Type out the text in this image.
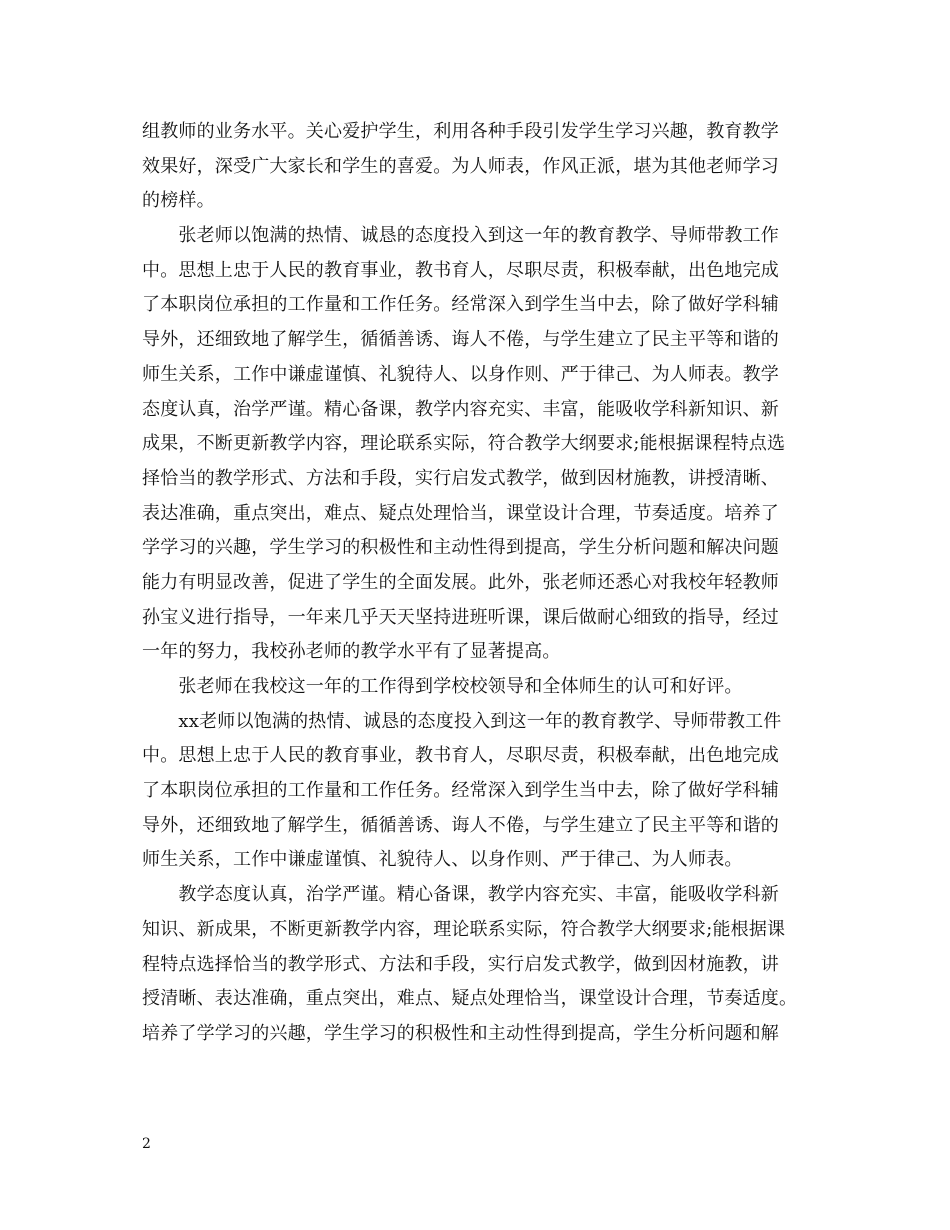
组教师的业务水平。关心爱护学生，利用各种手段引发学生学习兴趣，教育教学
效果好，深受广大家长和学生的喜爱。为人师表，作风正派，堪为其他老师学习
的榜样。
　　张老师以饱满的热情、诚恳的态度投入到这一年的教育教学、导师带教工作
中。思想上忠于人民的教育事业，教书育人，尽职尽责，积极奉献，出色地完成
了本职岗位承担的工作量和工作任务。经常深入到学生当中去，除了做好学科辅
导外，还细致地了解学生，循循善诱、诲人不倦，与学生建立了民主平等和谐的
师生关系，工作中谦虚谨慎、礼貌待人、以身作则、严于律己、为人师表。教学
态度认真，治学严谨。精心备课，教学内容充实、丰富，能吸收学科新知识、新
成果，不断更新教学内容，理论联系实际，符合教学大纲要求;能根据课程特点选
择恰当的教学形式、方法和手段，实行启发式教学，做到因材施教，讲授清晰、
表达准确，重点突出，难点、疑点处理恰当，课堂设计合理，节奏适度。培养了
学学习的兴趣，学生学习的积极性和主动性得到提高，学生分析问题和解决问题
能力有明显改善，促进了学生的全面发展。此外，张老师还悉心对我校年轻教师
孙宝义进行指导，一年来几乎天天坚持进班听课，课后做耐心细致的指导，经过
一年的努力，我校孙老师的教学水平有了显著提高。
　　张老师在我校这一年的工作得到学校校领导和全体师生的认可和好评。
　　xx老师以饱满的热情、诚恳的态度投入到这一年的教育教学、导师带教工件
中。思想上忠于人民的教育事业，教书育人，尽职尽责，积极奉献，出色地完成
了本职岗位承担的工作量和工作任务。经常深入到学生当中去，除了做好学科辅
导外，还细致地了解学生，循循善诱、诲人不倦，与学生建立了民主平等和谐的
师生关系，工作中谦虚谨慎、礼貌待人、以身作则、严于律己、为人师表。
　　教学态度认真，治学严谨。精心备课，教学内容充实、丰富，能吸收学科新
知识、新成果，不断更新教学内容，理论联系实际，符合教学大纲要求;能根据课
程特点选择恰当的教学形式、方法和手段，实行启发式教学，做到因材施教，讲
授清晰、表达准确，重点突出，难点、疑点处理恰当，课堂设计合理，节奏适度。
培养了学学习的兴趣，学生学习的积极性和主动性得到提高，学生分析问题和解
2
